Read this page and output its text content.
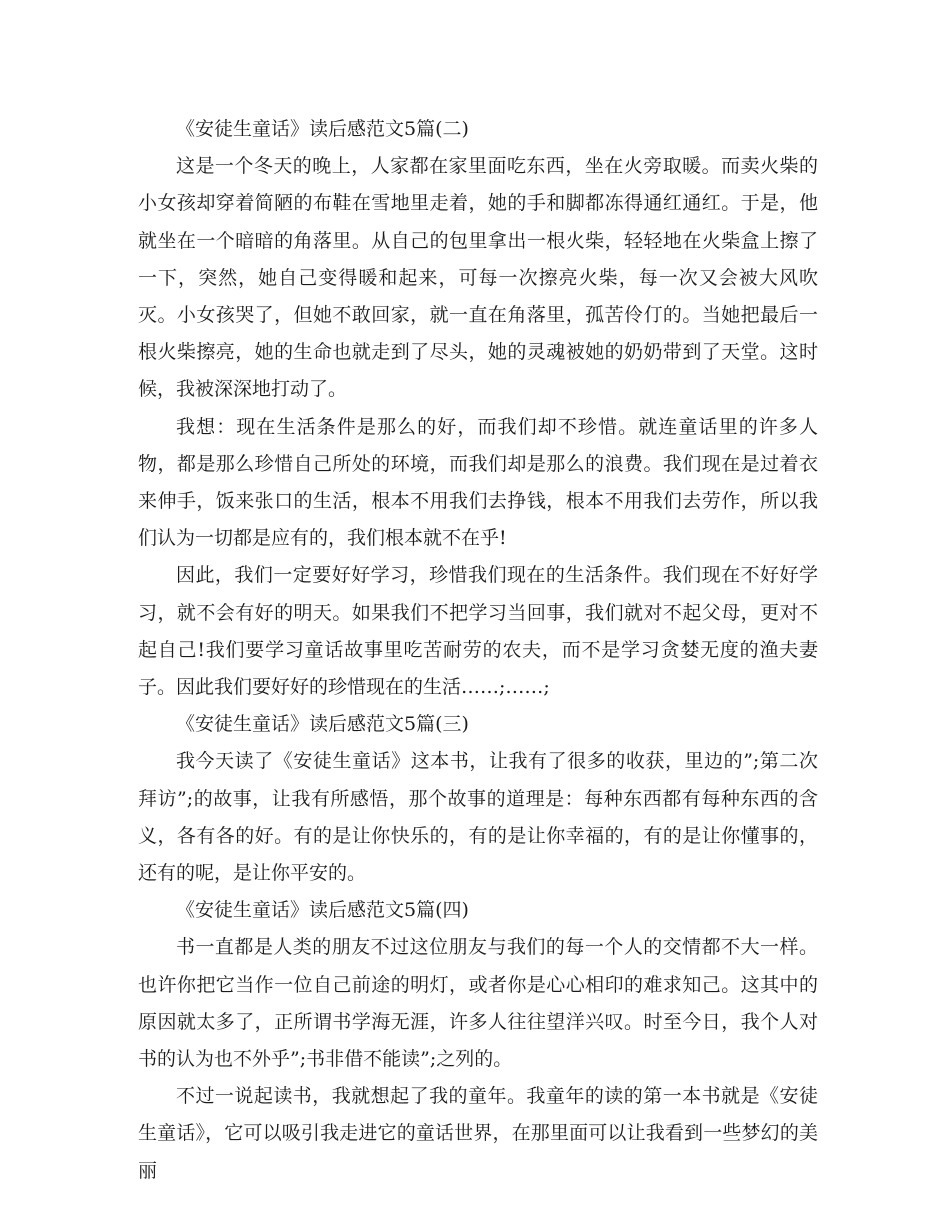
《安徒生童话》读后感范文5篇(二)

这是一个冬天的晚上，人家都在家里面吃东西，坐在火旁取暖。而卖火柴的小女孩却穿着简陋的布鞋在雪地里走着，她的手和脚都冻得通红通红。于是，他就坐在一个暗暗的角落里。从自己的包里拿出一根火柴，轻轻地在火柴盒上擦了一下，突然，她自己变得暖和起来，可每一次擦亮火柴，每一次又会被大风吹灭。小女孩哭了，但她不敢回家，就一直在角落里，孤苦伶仃的。当她把最后一根火柴擦亮，她的生命也就走到了尽头，她的灵魂被她的奶奶带到了天堂。这时候，我被深深地打动了。

我想：现在生活条件是那么的好，而我们却不珍惜。就连童话里的许多人物，都是那么珍惜自己所处的环境，而我们却是那么的浪费。我们现在是过着衣来伸手，饭来张口的生活，根本不用我们去挣钱，根本不用我们去劳作，所以我们认为一切都是应有的，我们根本就不在乎!

因此，我们一定要好好学习，珍惜我们现在的生活条件。我们现在不好好学习，就不会有好的明天。如果我们不把学习当回事，我们就对不起父母，更对不起自己!我们要学习童话故事里吃苦耐劳的农夫，而不是学习贪婪无度的渔夫妻子。因此我们要好好的珍惜现在的生活……;……;

《安徒生童话》读后感范文5篇(三)

我今天读了《安徒生童话》这本书，让我有了很多的收获，里边的”;第二次拜访”;的故事，让我有所感悟，那个故事的道理是：每种东西都有每种东西的含义，各有各的好。有的是让你快乐的，有的是让你幸福的，有的是让你懂事的，还有的呢，是让你平安的。

《安徒生童话》读后感范文5篇(四)

书一直都是人类的朋友不过这位朋友与我们的每一个人的交情都不大一样。也许你把它当作一位自己前途的明灯，或者你是心心相印的难求知己。这其中的原因就太多了，正所谓书学海无涯，许多人往往望洋兴叹。时至今日，我个人对书的认为也不外乎”;书非借不能读”;之列的。

不过一说起读书，我就想起了我的童年。我童年的读的第一本书就是《安徒生童话》，它可以吸引我走进它的童话世界，在那里面可以让我看到一些梦幻的美丽
